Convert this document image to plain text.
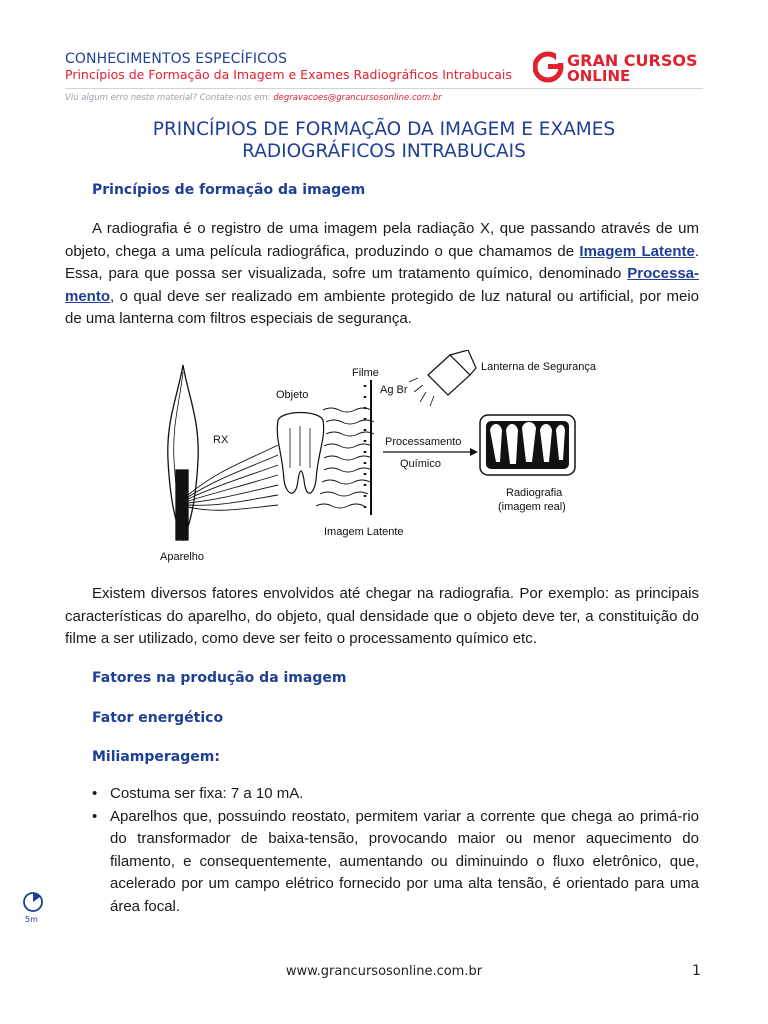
CONHECIMENTOS ESPECÍFICOS
Princípios de Formação da Imagem e Exames Radiográficos Intrabucais
GRAN CURSOS
ONLINE
Viu algum erro neste material? Contate-nos em: degravacoes@grancursosonline.com.br
PRINCÍPIOS DE FORMAÇÃO DA IMAGEM E EXAMES
RADIOGRÁFICOS INTRABUCAIS
Princípios de formação da imagem
A radiografia é o registro de uma imagem pela radiação X, que passando através de um objeto, chega a uma película radiográfica, produzindo o que chamamos de Imagem Latente. Essa, para que possa ser visualizada, sofre um tratamento químico, denominado Processa-mento, o qual deve ser realizado em ambiente protegido de luz natural ou artificial, por meio de uma lanterna com filtros especiais de segurança.
Filme
Ag Br
Objeto
RX
Aparelho
Imagem Latente
Lanterna de Segurança
Processamento
Químico
Radiografia
(imagem real)
Existem diversos fatores envolvidos até chegar na radiografia. Por exemplo: as principais características do aparelho, do objeto, qual densidade que o objeto deve ter, a constituição do filme a ser utilizado, como deve ser feito o processamento químico etc.
Fatores na produção da imagem
Fator energético
Miliamperagem:
• Costuma ser fixa: 7 a 10 mA.
• Aparelhos que, possuindo reostato, permitem variar a corrente que chega ao primá-rio do transformador de baixa-tensão, provocando maior ou menor aquecimento do filamento, e consequentemente, aumentando ou diminuindo o fluxo eletrônico, que, acelerado por um campo elétrico fornecido por uma alta tensão, é orientado para uma área focal.
5m
www.grancursosonline.com.br	1
